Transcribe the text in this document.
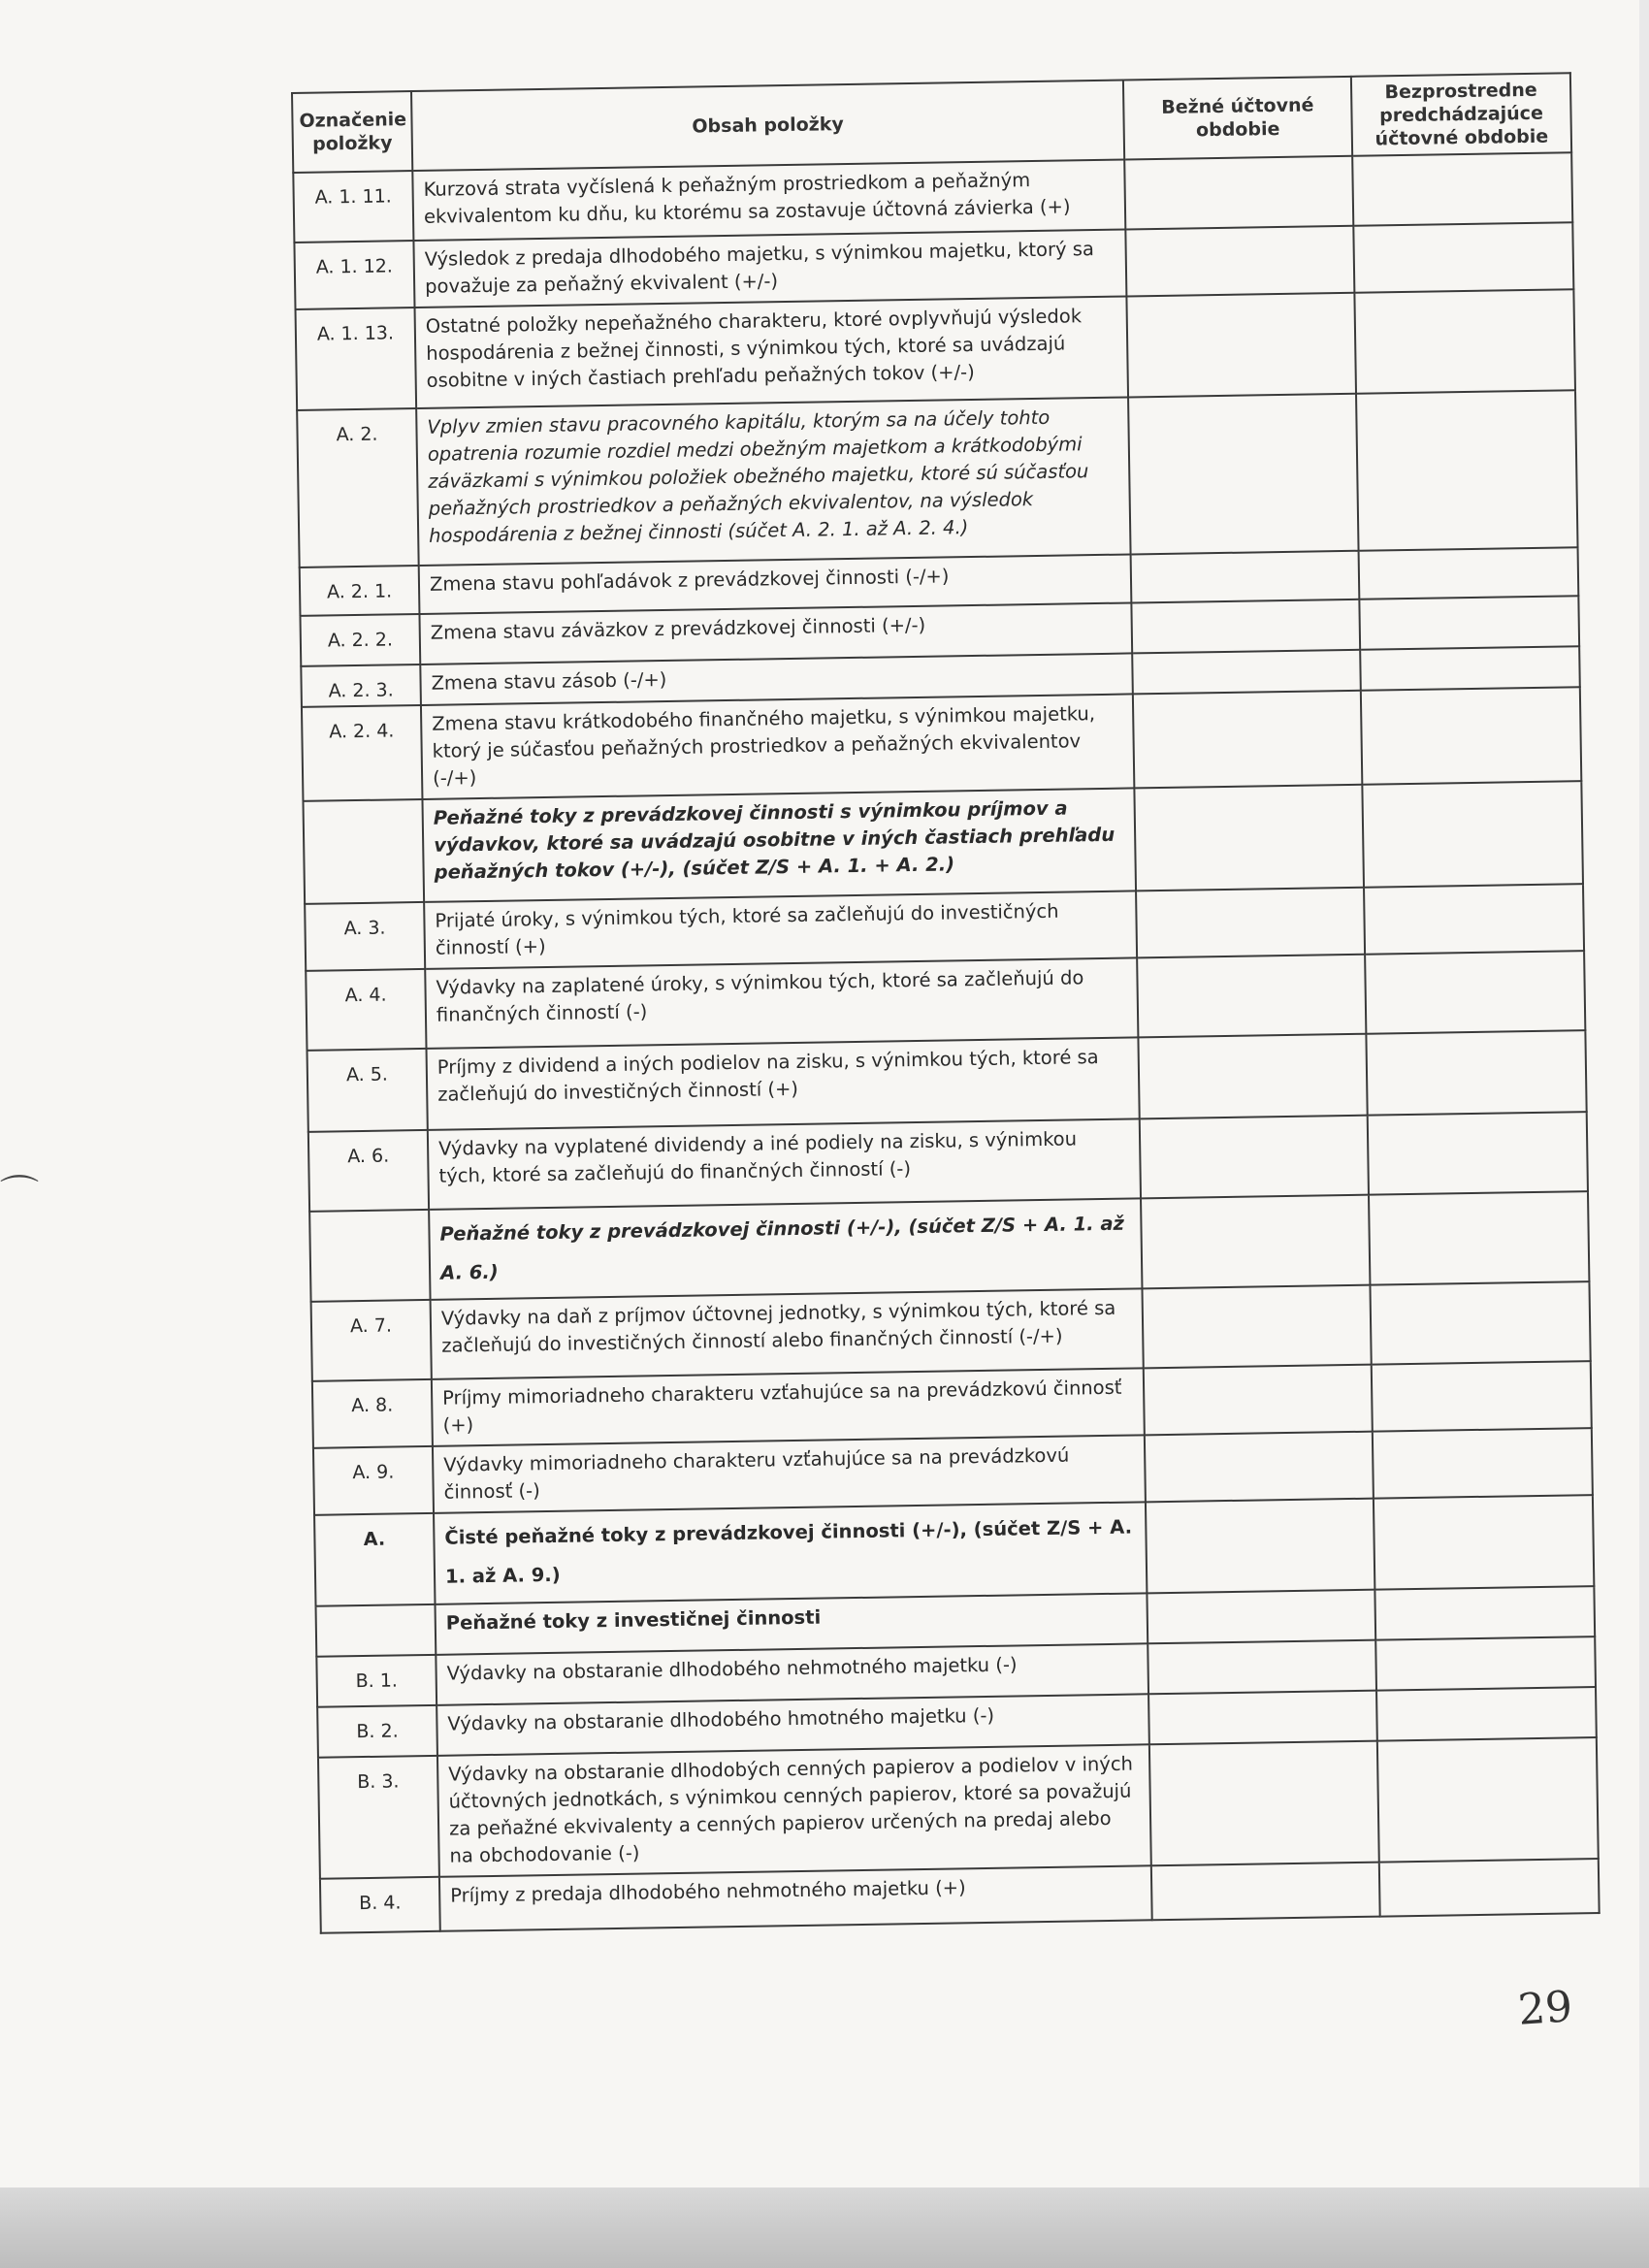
⌒
Označenie položky	Obsah položky	Bežné účtovné obdobie	Bezprostredne predchádzajúce účtovné obdobie
A. 1. 11.	Kurzová strata vyčíslená k peňažným prostriedkom a peňažným ekvivalentom ku dňu, ku ktorému sa zostavuje účtovná závierka (+)		
A. 1. 12.	Výsledok z predaja dlhodobého majetku, s výnimkou majetku, ktorý sa považuje za peňažný ekvivalent (+/-)		
A. 1. 13.	Ostatné položky nepeňažného charakteru, ktoré ovplyvňujú výsledok hospodárenia z bežnej činnosti, s výnimkou tých, ktoré sa uvádzajú osobitne v iných častiach prehľadu peňažných tokov (+/-)		
A. 2.	Vplyv zmien stavu pracovného kapitálu, ktorým sa na účely tohto opatrenia rozumie rozdiel medzi obežným majetkom a krátkodobými záväzkami s výnimkou položiek obežného majetku, ktoré sú súčasťou peňažných prostriedkov a peňažných ekvivalentov, na výsledok hospodárenia z bežnej činnosti (súčet A. 2. 1. až A. 2. 4.)		
A. 2. 1.	Zmena stavu pohľadávok z prevádzkovej činnosti (-/+)		
A. 2. 2.	Zmena stavu záväzkov z prevádzkovej činnosti (+/-)		
A. 2. 3.	Zmena stavu zásob (-/+)		
A. 2. 4.	Zmena stavu krátkodobého finančného majetku, s výnimkou majetku, ktorý je súčasťou peňažných prostriedkov a peňažných ekvivalentov (-/+)		
	Peňažné toky z prevádzkovej činnosti s výnimkou príjmov a výdavkov, ktoré sa uvádzajú osobitne v iných častiach prehľadu peňažných tokov (+/-), (súčet Z/S + A. 1. + A. 2.)		
A. 3.	Prijaté úroky, s výnimkou tých, ktoré sa začleňujú do investičných činností (+)		
A. 4.	Výdavky na zaplatené úroky, s výnimkou tých, ktoré sa začleňujú do finančných činností (-)		
A. 5.	Príjmy z dividend a iných podielov na zisku, s výnimkou tých, ktoré sa začleňujú do investičných činností (+)		
A. 6.	Výdavky na vyplatené dividendy a iné podiely na zisku, s výnimkou tých, ktoré sa začleňujú do finančných činností (-)		
	Peňažné toky z prevádzkovej činnosti (+/-), (súčet Z/S + A. 1. až A. 6.)		
A. 7.	Výdavky na daň z príjmov účtovnej jednotky, s výnimkou tých, ktoré sa začleňujú do investičných činností alebo finančných činností (-/+)		
A. 8.	Príjmy mimoriadneho charakteru vzťahujúce sa na prevádzkovú činnosť (+)		
A. 9.	Výdavky mimoriadneho charakteru vzťahujúce sa na prevádzkovú činnosť (-)		
A.	Čisté peňažné toky z prevádzkovej činnosti (+/-), (súčet Z/S + A. 1. až A. 9.)		
	Peňažné toky z investičnej činnosti		
B. 1.	Výdavky na obstaranie dlhodobého nehmotného majetku (-)		
B. 2.	Výdavky na obstaranie dlhodobého hmotného majetku (-)		
B. 3.	Výdavky na obstaranie dlhodobých cenných papierov a podielov v iných účtovných jednotkách, s výnimkou cenných papierov, ktoré sa považujú za peňažné ekvivalenty a cenných papierov určených na predaj alebo na obchodovanie (-)		
B. 4.	Príjmy z predaja dlhodobého nehmotného majetku (+)		
29
